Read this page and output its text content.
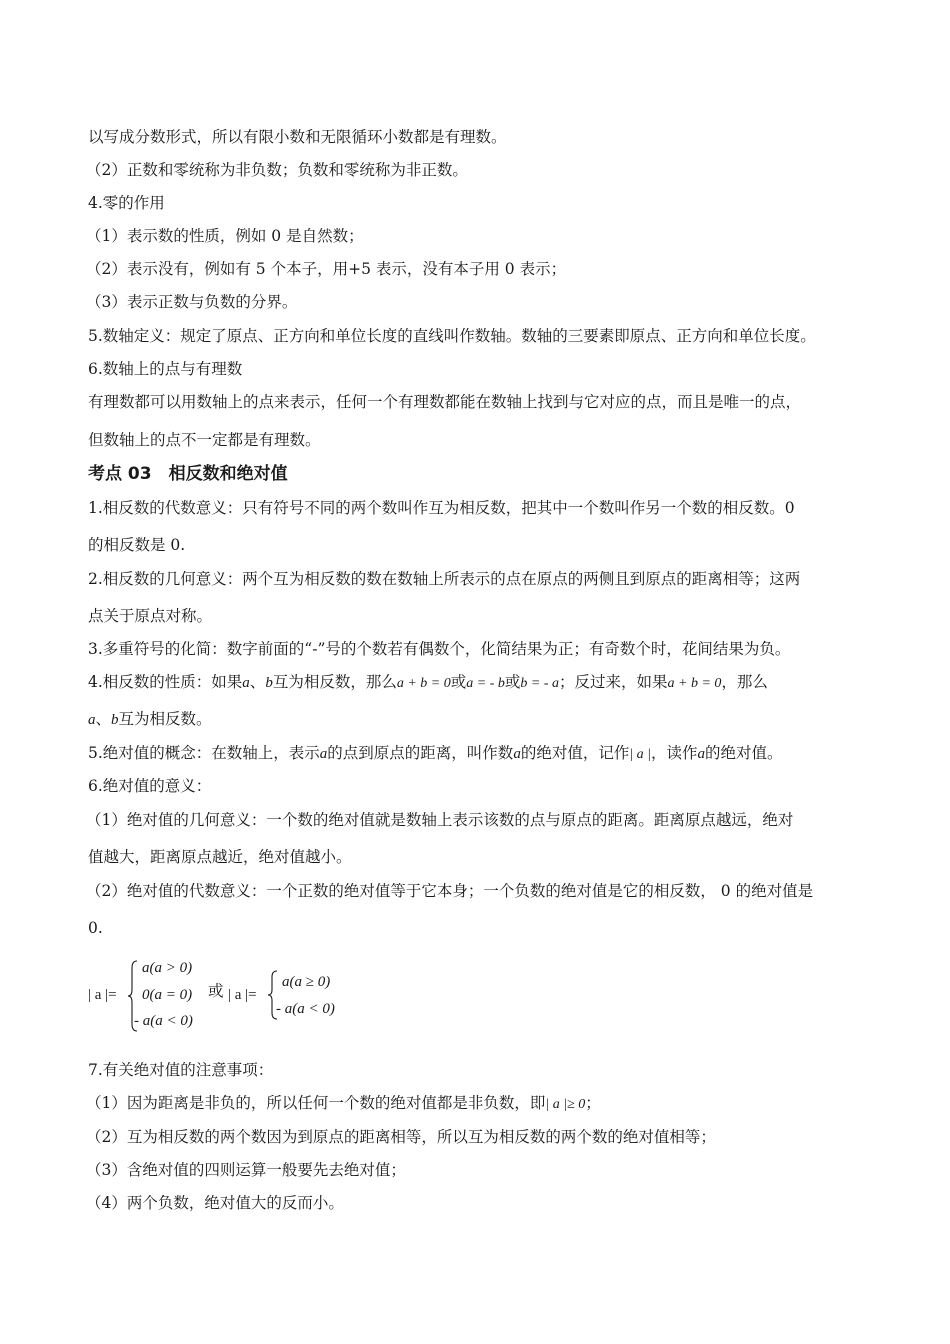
以写成分数形式，所以有限小数和无限循环小数都是有理数。
（2）正数和零统称为非负数；负数和零统称为非正数。
4.零的作用
（1）表示数的性质，例如 0 是自然数；
（2）表示没有，例如有 5 个本子，用+5 表示，没有本子用 0 表示；
（3）表示正数与负数的分界。
5.数轴定义：规定了原点、正方向和单位长度的直线叫作数轴。数轴的三要素即原点、正方向和单位长度。
6.数轴上的点与有理数
有理数都可以用数轴上的点来表示，任何一个有理数都能在数轴上找到与它对应的点，而且是唯一的点，
但数轴上的点不一定都是有理数。
考点 03　相反数和绝对值
1.相反数的代数意义：只有符号不同的两个数叫作互为相反数，把其中一个数叫作另一个数的相反数。0
的相反数是 0.
2.相反数的几何意义：两个互为相反数的数在数轴上所表示的点在原点的两侧且到原点的距离相等；这两
点关于原点对称。
3.多重符号的化简：数字前面的“-”号的个数若有偶数个，化简结果为正；有奇数个时，花间结果为负。
4.相反数的性质：如果a、b互为相反数，那么a + b = 0或a = - b或b = - a；反过来，如果a + b = 0，那么
a、b互为相反数。
5.绝对值的概念：在数轴上，表示a的点到原点的距离，叫作数a的绝对值，记作| a |，读作a的绝对值。
6.绝对值的意义：
（1）绝对值的几何意义：一个数的绝对值就是数轴上表示该数的点与原点的距离。距离原点越远，绝对
值越大，距离原点越近，绝对值越小。
（2）绝对值的代数意义：一个正数的绝对值等于它本身；一个负数的绝对值是它的相反数， 0 的绝对值是
0.
| a |=
a(a > 0)
0(a = 0)
- a(a < 0)
或 | a |=
a(a ≥ 0)
- a(a < 0)
7.有关绝对值的注意事项：
（1）因为距离是非负的，所以任何一个数的绝对值都是非负数，即| a |≥ 0；
（2）互为相反数的两个数因为到原点的距离相等，所以互为相反数的两个数的绝对值相等；
（3）含绝对值的四则运算一般要先去绝对值；
（4）两个负数，绝对值大的反而小。
